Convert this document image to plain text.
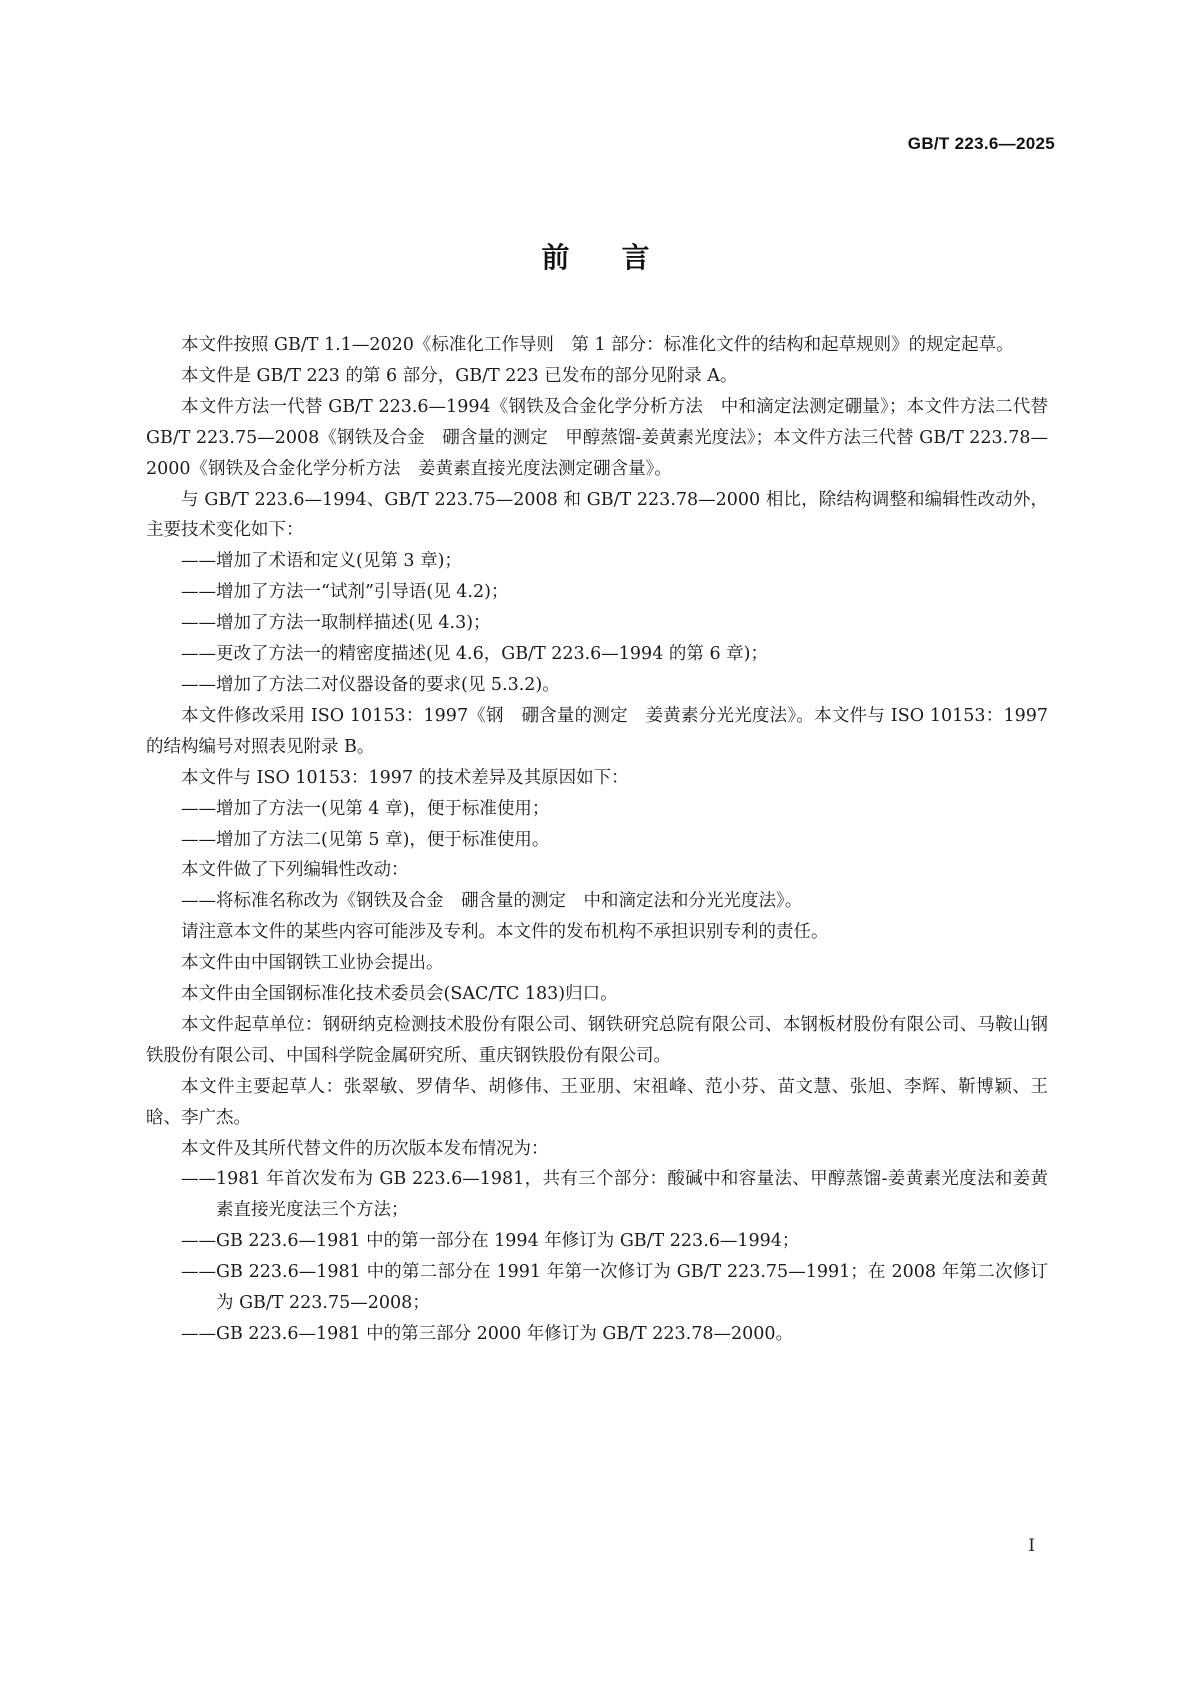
GB/T 223.6—2025
前 言

本文件按照 GB/T 1.1—2020《标准化工作导则　第 1 部分：标准化文件的结构和起草规则》的规定起草。

本文件是 GB/T 223 的第 6 部分，GB/T 223 已发布的部分见附录 A。

本文件方法一代替 GB/T 223.6—1994《钢铁及合金化学分析方法　中和滴定法测定硼量》；本文件方法二代替 GB/T 223.75—2008《钢铁及合金　硼含量的测定　甲醇蒸馏-姜黄素光度法》；本文件方法三代替 GB/T 223.78—2000《钢铁及合金化学分析方法　姜黄素直接光度法测定硼含量》。

与 GB/T 223.6—1994、GB/T 223.75—2008 和 GB/T 223.78—2000 相比，除结构调整和编辑性改动外，主要技术变化如下：

——增加了术语和定义(见第 3 章)；
——增加了方法一“试剂”引导语(见 4.2)；
——增加了方法一取制样描述(见 4.3)；
——更改了方法一的精密度描述(见 4.6，GB/T 223.6—1994 的第 6 章)；
——增加了方法二对仪器设备的要求(见 5.3.2)。

本文件修改采用 ISO 10153：1997《钢　硼含量的测定　姜黄素分光光度法》。本文件与 ISO 10153：1997 的结构编号对照表见附录 B。

本文件与 ISO 10153：1997 的技术差异及其原因如下：

——增加了方法一(见第 4 章)，便于标准使用；
——增加了方法二(见第 5 章)，便于标准使用。

本文件做了下列编辑性改动：

——将标准名称改为《钢铁及合金　硼含量的测定　中和滴定法和分光光度法》。

请注意本文件的某些内容可能涉及专利。本文件的发布机构不承担识别专利的责任。

本文件由中国钢铁工业协会提出。

本文件由全国钢标准化技术委员会(SAC/TC 183)归口。

本文件起草单位：钢研纳克检测技术股份有限公司、钢铁研究总院有限公司、本钢板材股份有限公司、马鞍山钢铁股份有限公司、中国科学院金属研究所、重庆钢铁股份有限公司。

本文件主要起草人：张翠敏、罗倩华、胡修伟、王亚朋、宋祖峰、范小芬、苗文慧、张旭、李辉、靳博颖、王晗、李广杰。

本文件及其所代替文件的历次版本发布情况为：

——1981 年首次发布为 GB 223.6—1981，共有三个部分：酸碱中和容量法、甲醇蒸馏-姜黄素光度法和姜黄素直接光度法三个方法；
——GB 223.6—1981 中的第一部分在 1994 年修订为 GB/T 223.6—1994；
——GB 223.6—1981 中的第二部分在 1991 年第一次修订为 GB/T 223.75—1991；在 2008 年第二次修订为 GB/T 223.75—2008；
——GB 223.6—1981 中的第三部分 2000 年修订为 GB/T 223.78—2000。
I
